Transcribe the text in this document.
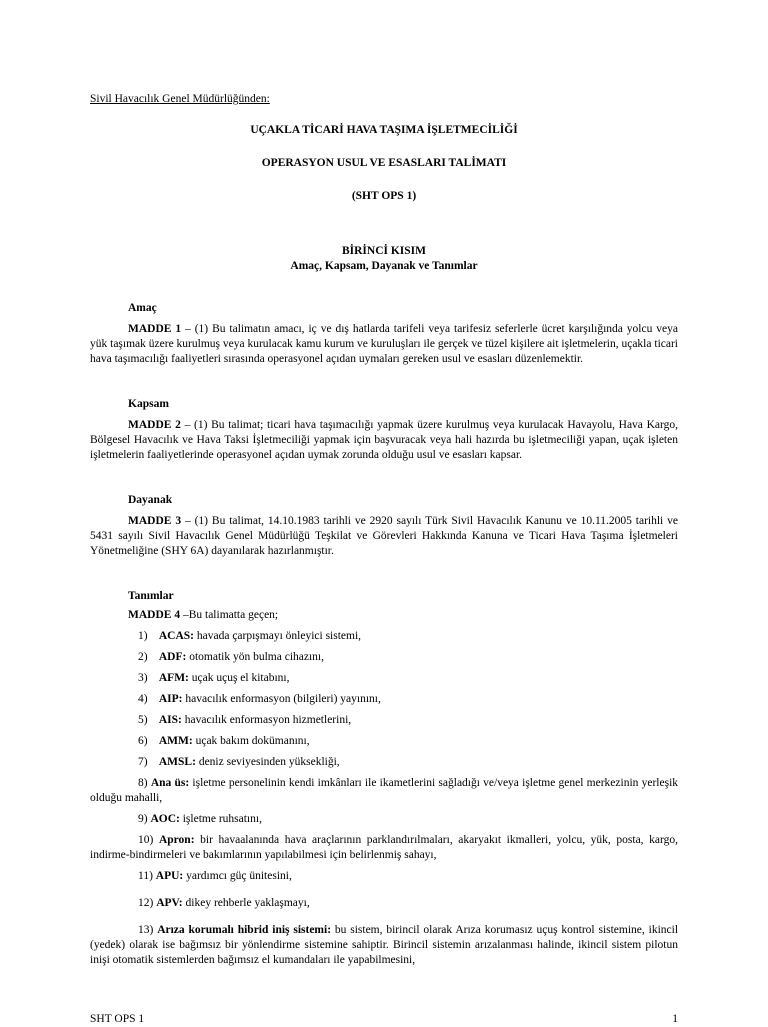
Sivil Havacılık Genel Müdürlüğünden:
UÇAKLA TİCARİ HAVA TAŞIMA İŞLETMECİLİĞİ
OPERASYON USUL VE ESASLARI TALİMATI
(SHT OPS 1)
BİRİNCİ KISIM
Amaç, Kapsam, Dayanak ve Tanımlar
Amaç
MADDE 1 – (1) Bu talimatın amacı, iç ve dış hatlarda tarifeli veya tarifesiz seferlerle ücret karşılığında yolcu veya yük taşımak üzere kurulmuş veya kurulacak kamu kurum ve kuruluşları ile gerçek ve tüzel kişilere ait işletmelerin, uçakla ticari hava taşımacılığı faaliyetleri sırasında operasyonel açıdan uymaları gereken usul ve esasları düzenlemektir.
Kapsam
MADDE 2 – (1) Bu talimat; ticari hava taşımacılığı yapmak üzere kurulmuş veya kurulacak Havayolu, Hava Kargo, Bölgesel Havacılık ve Hava Taksi İşletmeciliği yapmak için başvuracak veya hali hazırda bu işletmeciliği yapan, uçak işleten işletmelerin faaliyetlerinde operasyonel açıdan uymak zorunda olduğu usul ve esasları kapsar.
Dayanak
MADDE 3 – (1) Bu talimat, 14.10.1983 tarihli ve 2920 sayılı Türk Sivil Havacılık Kanunu ve 10.11.2005 tarihli ve 5431 sayılı Sivil Havacılık Genel Müdürlüğü Teşkilat ve Görevleri Hakkında Kanuna ve Ticari Hava Taşıma İşletmeleri Yönetmeliğine (SHY 6A) dayanılarak hazırlanmıştır.
Tanımlar
MADDE 4 –Bu talimatta geçen;
1) ACAS: havada çarpışmayı önleyici sistemi,
2) ADF: otomatik yön bulma cihazını,
3) AFM: uçak uçuş el kitabını,
4) AIP: havacılık enformasyon (bilgileri) yayınını,
5) AIS: havacılık enformasyon hizmetlerini,
6) AMM: uçak bakım dokümanını,
7) AMSL: deniz seviyesinden yüksekliği,
8) Ana üs: işletme personelinin kendi imkânları ile ikametlerini sağladığı ve/veya işletme genel merkezinin yerleşik olduğu mahalli,
9) AOC: işletme ruhsatını,
10) Apron: bir havaalanında hava araçlarının parklandırılmaları, akaryakıt ikmalleri, yolcu, yük, posta, kargo, indirme-bindirmeleri ve bakımlarının yapılabilmesi için belirlenmiş sahayı,
11) APU: yardımcı güç ünitesini,
12) APV: dikey rehberle yaklaşmayı,
13) Arıza korumalı hibrid iniş sistemi: bu sistem, birincil olarak Arıza korumasız uçuş kontrol sistemine, ikincil (yedek) olarak ise bağımsız bir yönlendirme sistemine sahiptir. Birincil sistemin arızalanması halinde, ikincil sistem pilotun inişi otomatik sistemlerden bağımsız el kumandaları ile yapabilmesini,
SHT OPS 1	1
